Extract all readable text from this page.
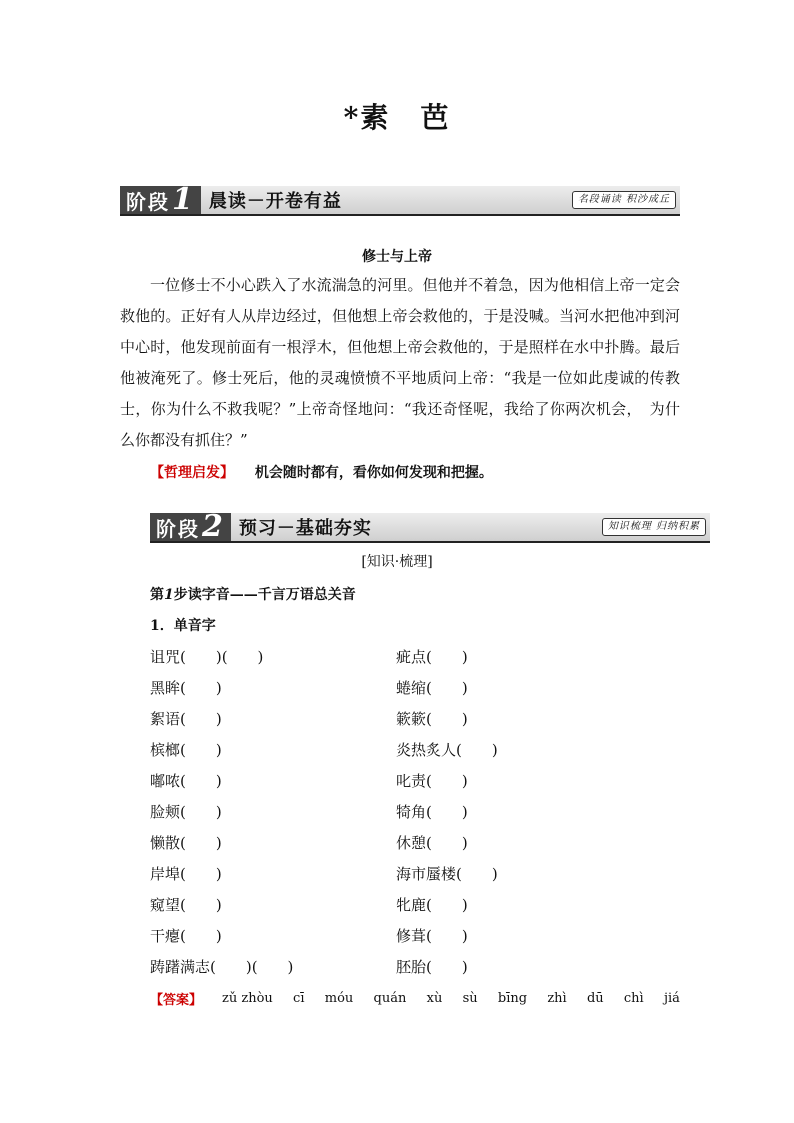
*素　芭
阶段 1 晨读－开卷有益	名段诵读 积沙成丘
修士与上帝
一位修士不小心跌入了水流湍急的河里。但他并不着急，因为他相信上帝一定会救他的。正好有人从岸边经过，但他想上帝会救他的，于是没喊。当河水把他冲到河中心时，他发现前面有一根浮木，但他想上帝会救他的，于是照样在水中扑腾。最后他被淹死了。修士死后，他的灵魂愤愤不平地质问上帝：“我是一位如此虔诚的传教士，你为什么不救我呢？”上帝奇怪地问：“我还奇怪呢，我给了你两次机会，　为什么你都没有抓住？”
【哲理启发】 机会随时都有，看你如何发现和把握。
阶段 2 预习－基础夯实	知识梳理 归纳积累
[知识·梳理]
第1步读字音——千言万语总关音
1．单音字
诅咒(　　)(　　)	疵点(　　)
黑眸(　　)	蜷缩(　　)
絮语(　　)	簌簌(　　)
槟榔(　　)	炎热炙人(　　)
嘟哝(　　)	叱责(　　)
脸颊(　　)	犄角(　　)
懒散(　　)	休憩(　　)
岸埠(　　)	海市蜃楼(　　)
窥望(　　)	牝鹿(　　)
干瘪(　　)	修葺(　　)
踌躇满志(　　)(　　)	胚胎(　　)
【答案】 zǔ zhòu cī móu quán xù sù bīng zhì dū chì jiá
